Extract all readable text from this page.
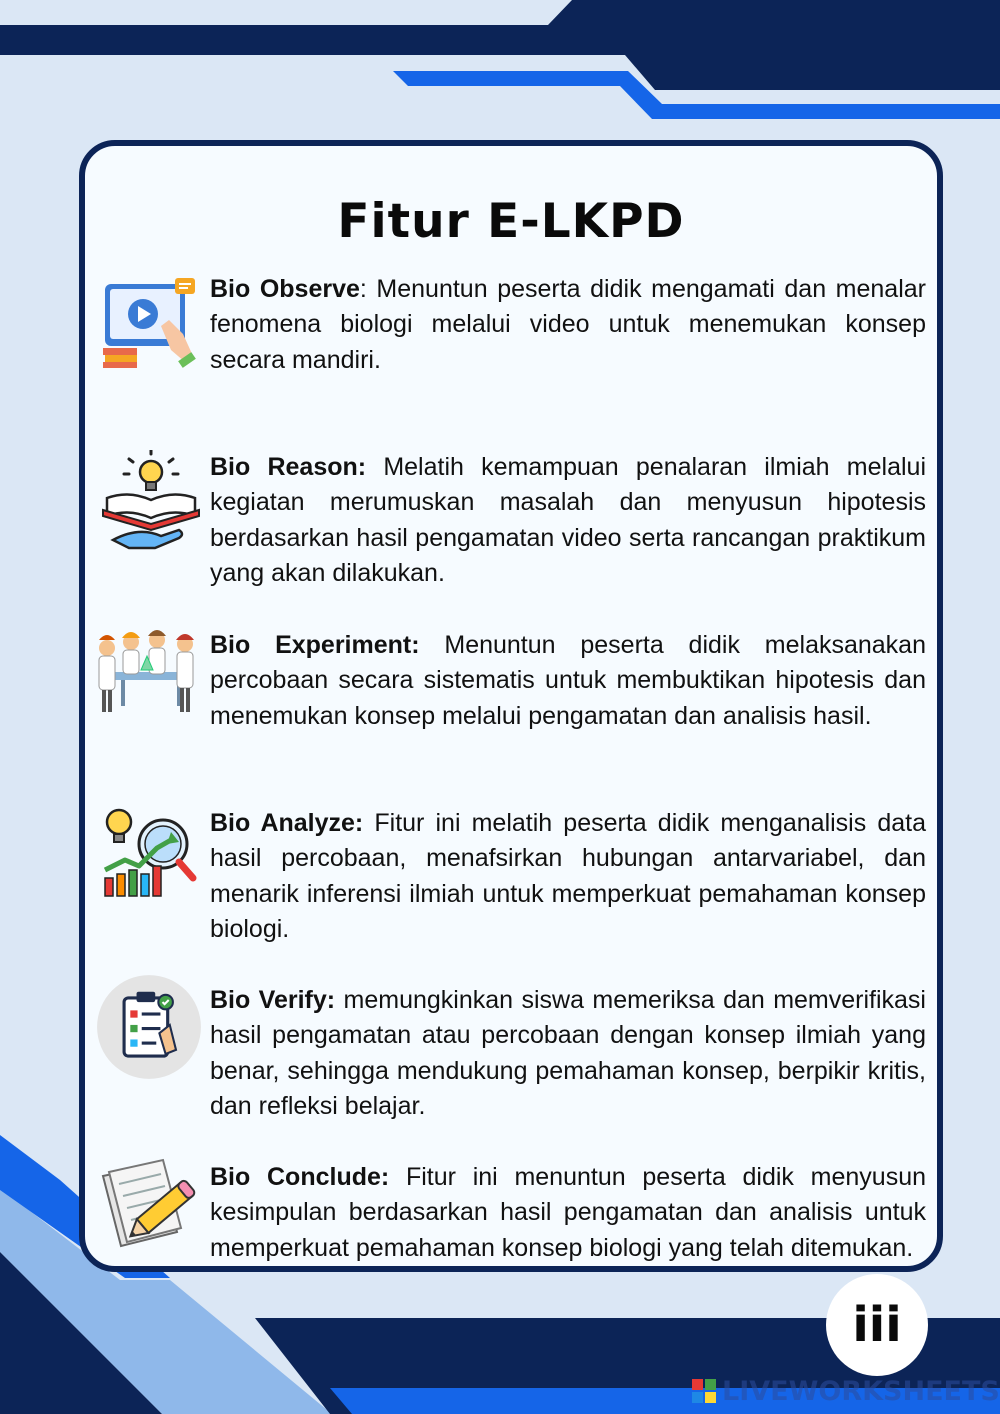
Fitur E-LKPD

Bio Observe: Menuntun peserta didik mengamati dan menalar fenomena biologi melalui video untuk menemukan konsep secara mandiri.

Bio Reason: Melatih kemampuan penalaran ilmiah melalui kegiatan merumuskan masalah dan menyusun hipotesis berdasarkan hasil pengamatan video serta rancangan praktikum yang akan dilakukan.

Bio Experiment: Menuntun peserta didik melaksanakan percobaan secara sistematis untuk membuktikan hipotesis dan menemukan konsep melalui pengamatan dan analisis hasil.

Bio Analyze: Fitur ini melatih peserta didik menganalisis data hasil percobaan, menafsirkan hubungan antarvariabel, dan menarik inferensi ilmiah untuk memperkuat pemahaman konsep biologi.

Bio Verify: memungkinkan siswa memeriksa dan memverifikasi hasil pengamatan atau percobaan dengan konsep ilmiah yang benar, sehingga mendukung pemahaman konsep, berpikir kritis, dan refleksi belajar.

Bio Conclude: Fitur ini menuntun peserta didik menyusun kesimpulan berdasarkan hasil pengamatan dan analisis untuk memperkuat pemahaman konsep biologi yang telah ditemukan.

iii
LIVEWORKSHEETS
